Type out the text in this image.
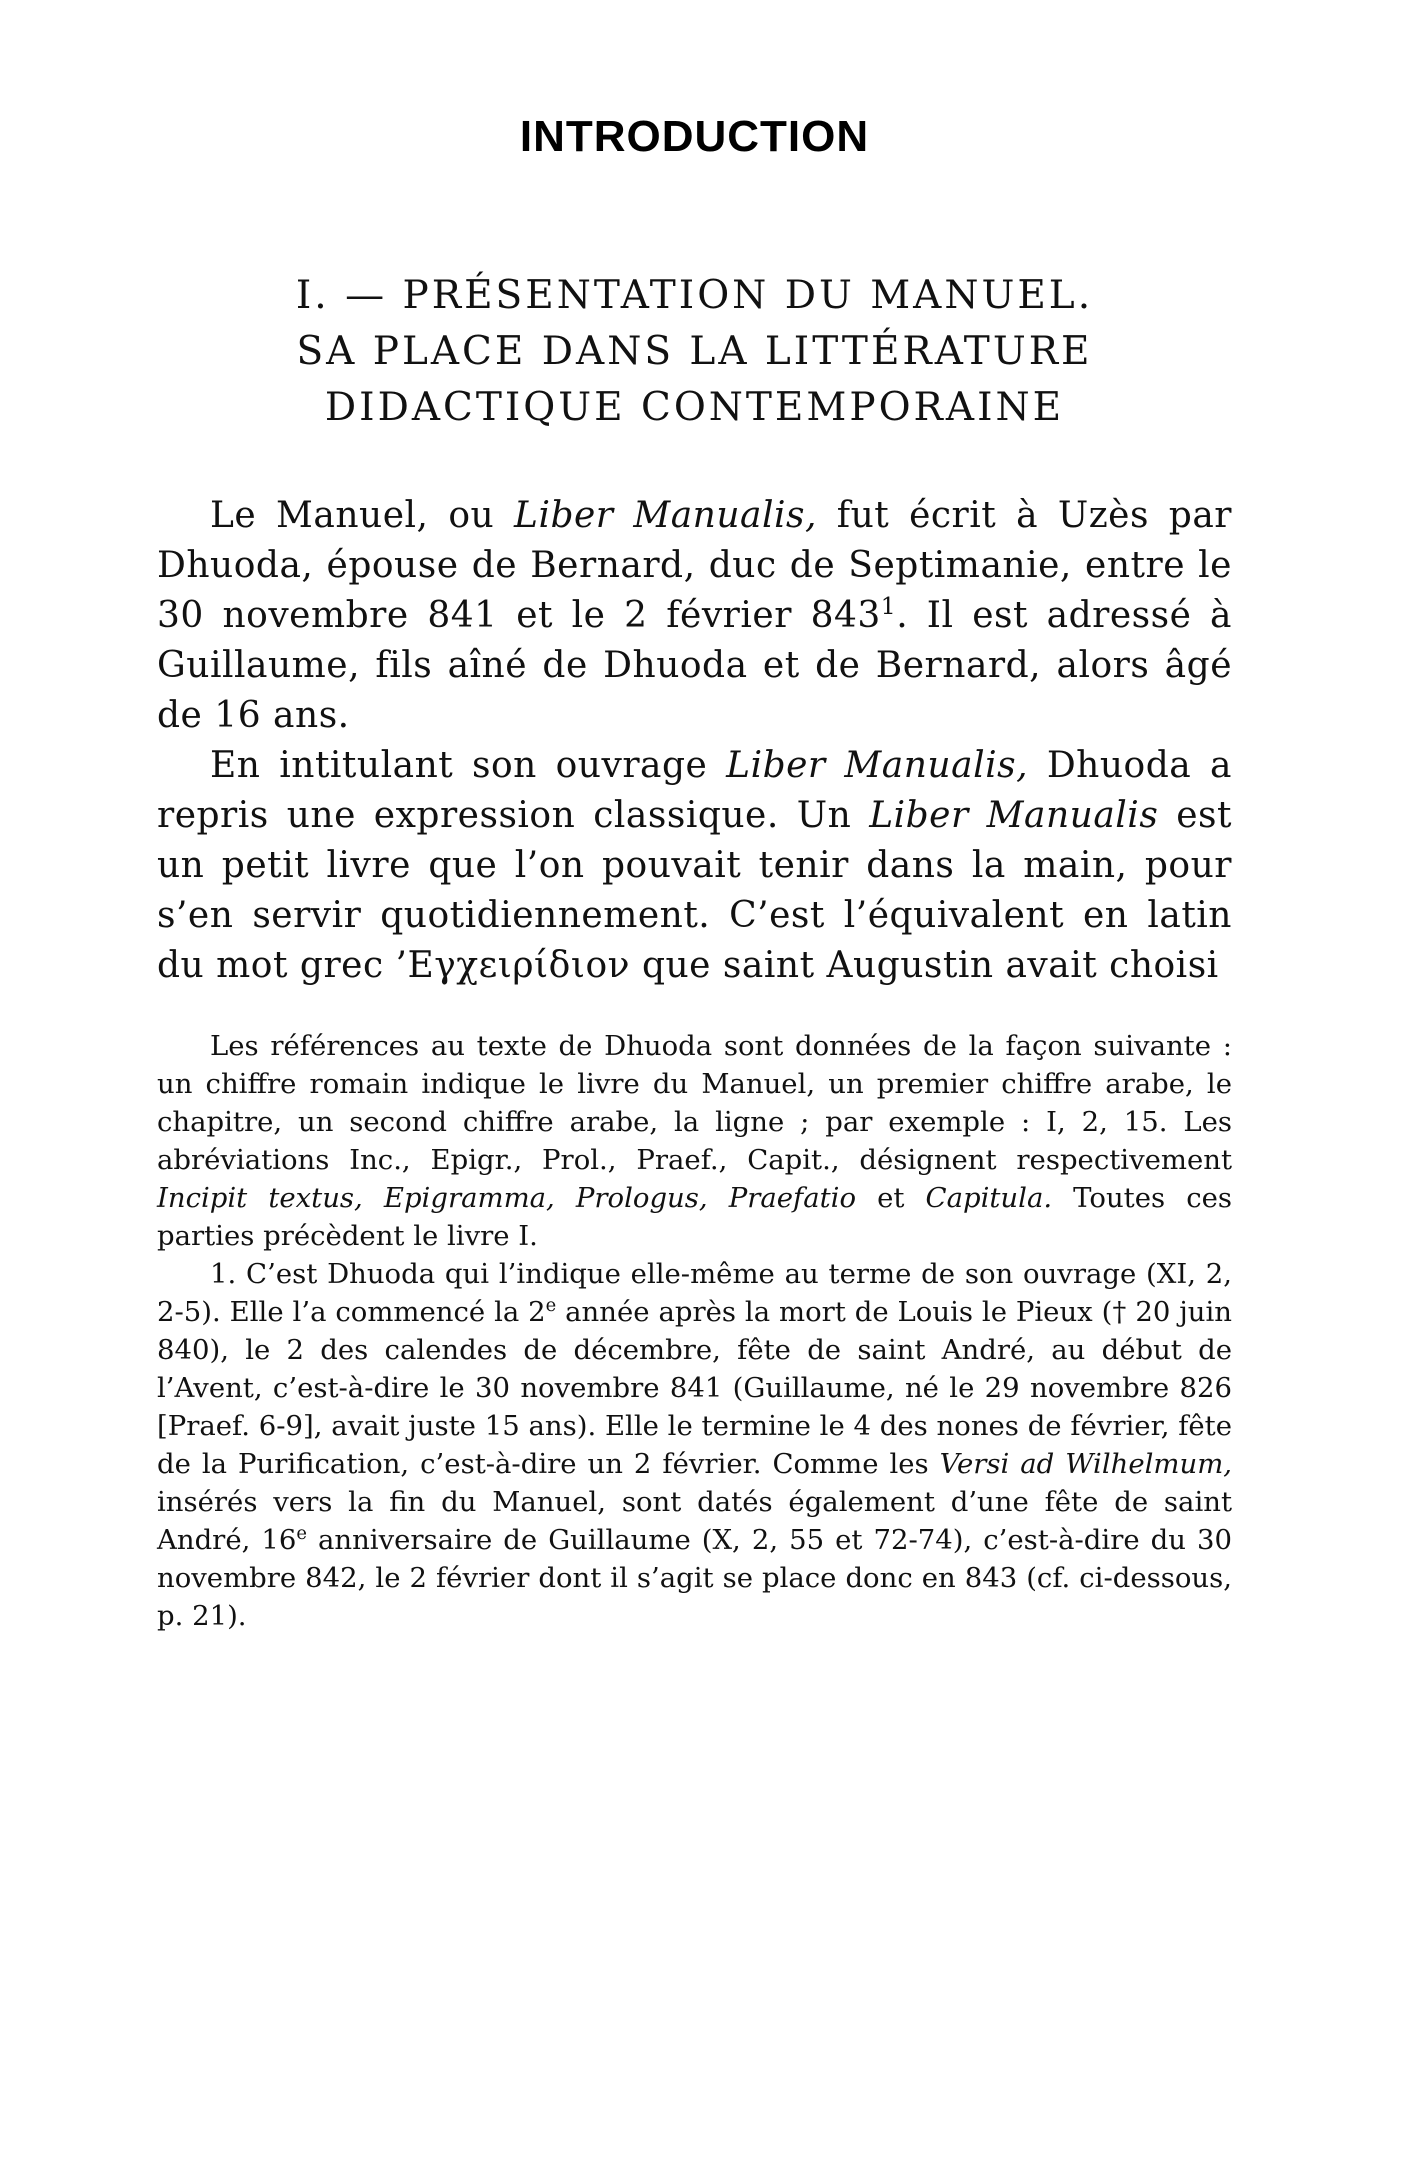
INTRODUCTION
I. — PRÉSENTATION DU MANUEL.
SA PLACE DANS LA LITTÉRATURE
DIDACTIQUE CONTEMPORAINE

Le Manuel, ou Liber Manualis, fut écrit à Uzès par Dhuoda, épouse de Bernard, duc de Septimanie, entre le 30 novembre 841 et le 2 février $843^1$. Il est adressé à Guillaume, fils aîné de Dhuoda et de Bernard, alors âgé de 16 ans.

En intitulant son ouvrage Liber Manualis, Dhuoda a repris une expression classique. Un Liber Manualis est un petit livre que l’on pouvait tenir dans la main, pour s’en servir quotidiennement. C’est l’équivalent en latin du mot grec ’Εγχειρίδιον que saint Augustin avait choisi

Les références au texte de Dhuoda sont données de la façon suivante : un chiffre romain indique le livre du Manuel, un premier chiffre arabe, le chapitre, un second chiffre arabe, la ligne ; par exemple : I, 2, 15. Les abréviations Inc., Epigr., Prol., Praef., Capit., désignent respectivement Incipit textus, Epigramma, Prologus, Praefatio et Capitula. Toutes ces parties précèdent le livre I.

1. C’est Dhuoda qui l’indique elle-même au terme de son ouvrage (XI, 2, 2-5). Elle l’a commencé la 2e année après la mort de Louis le Pieux († 20 juin 840), le 2 des calendes de décembre, fête de saint André, au début de l’Avent, c’est-à-dire le 30 novembre 841 (Guillaume, né le 29 novembre 826 [Praef. 6-9], avait juste 15 ans). Elle le termine le 4 des nones de février, fête de la Purification, c’est-à-dire un 2 février. Comme les Versi ad Wilhelmum, insérés vers la fin du Manuel, sont datés également d’une fête de saint André, 16e anniversaire de Guillaume (X, 2, 55 et 72-74), c’est-à-dire du 30 novembre 842, le 2 février dont il s’agit se place donc en 843 (cf. ci-dessous, p. 21).
